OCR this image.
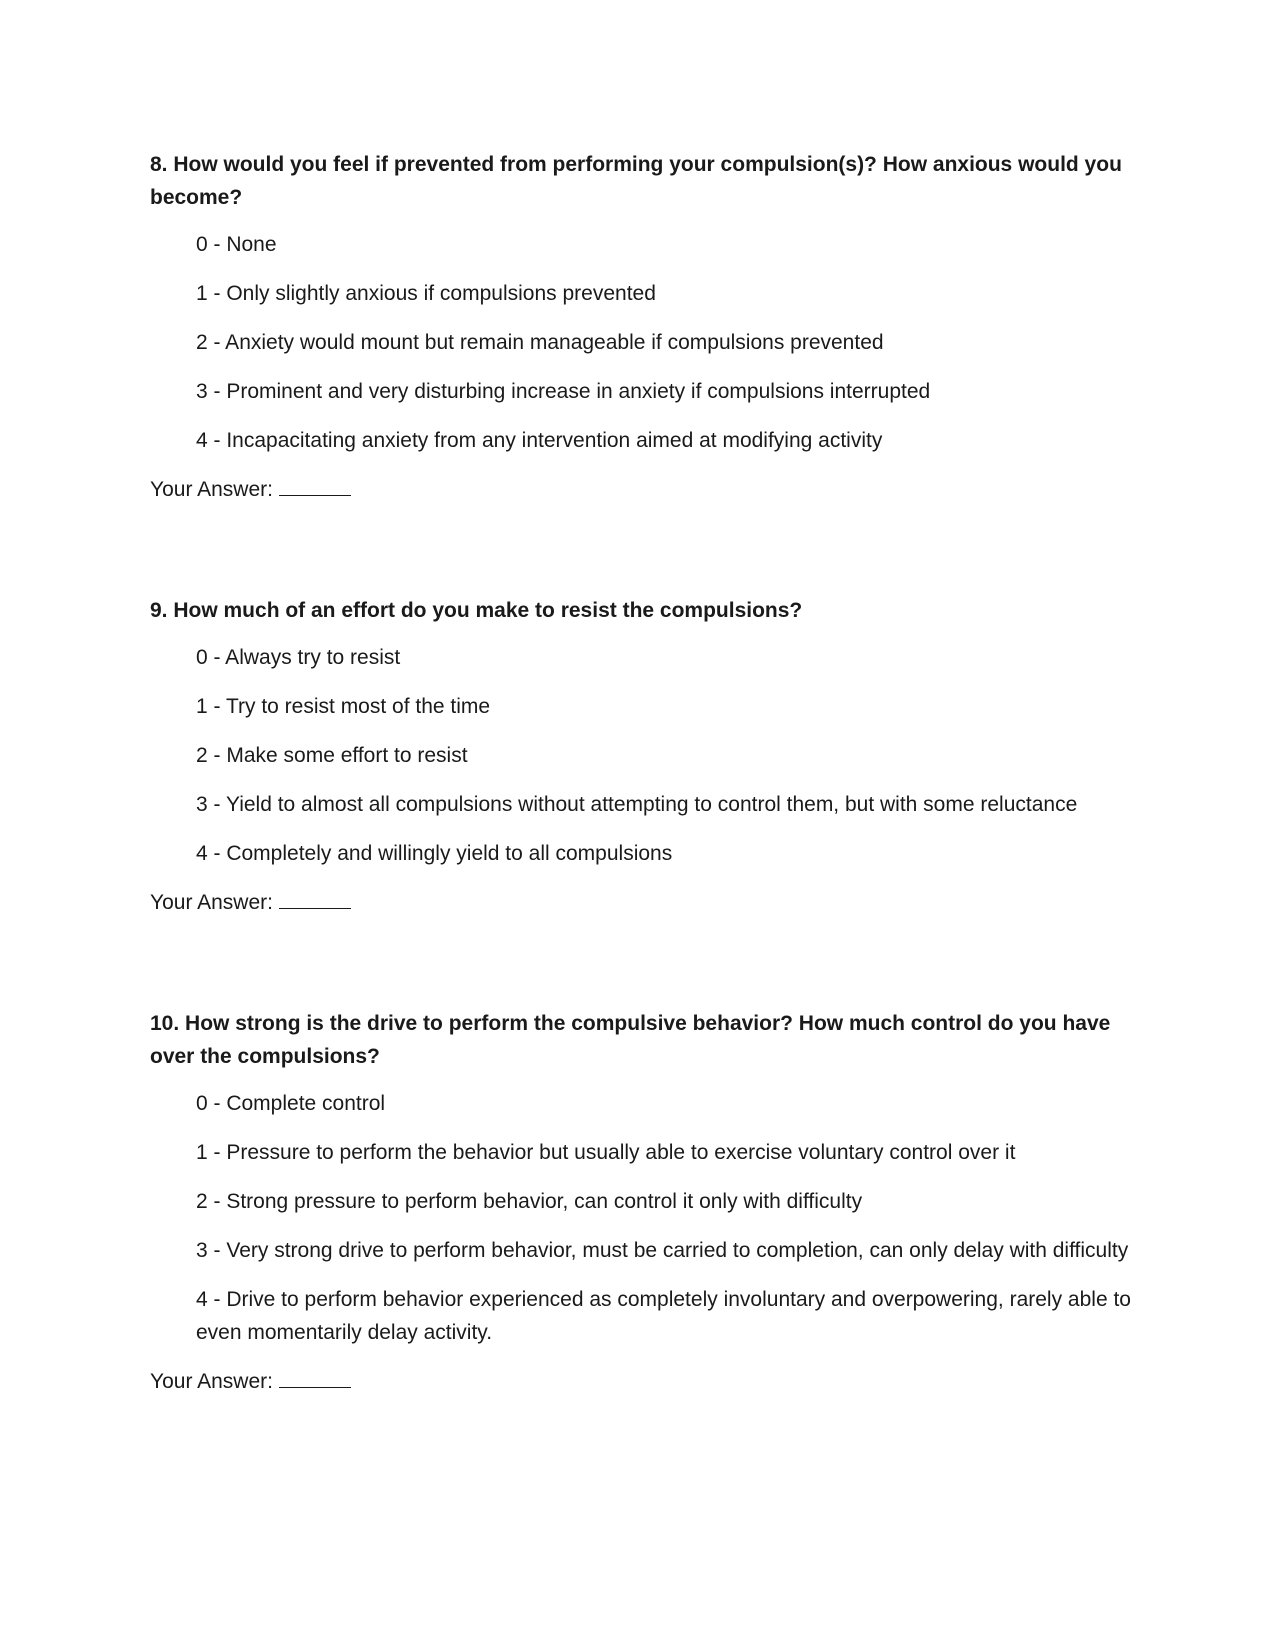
8. How would you feel if prevented from performing your compulsion(s)? How anxious would you become?
0 - None
1 - Only slightly anxious if compulsions prevented
2 - Anxiety would mount but remain manageable if compulsions prevented
3 - Prominent and very disturbing increase in anxiety if compulsions interrupted
4 - Incapacitating anxiety from any intervention aimed at modifying activity
Your Answer:
9. How much of an effort do you make to resist the compulsions?
0 - Always try to resist
1 - Try to resist most of the time
2 - Make some effort to resist
3 - Yield to almost all compulsions without attempting to control them, but with some reluctance
4 - Completely and willingly yield to all compulsions
Your Answer:
10. How strong is the drive to perform the compulsive behavior? How much control do you have over the compulsions?
0 - Complete control
1 - Pressure to perform the behavior but usually able to exercise voluntary control over it
2 - Strong pressure to perform behavior, can control it only with difficulty
3 - Very strong drive to perform behavior, must be carried to completion, can only delay with difficulty
4 - Drive to perform behavior experienced as completely involuntary and overpowering, rarely able to even momentarily delay activity.
Your Answer:
